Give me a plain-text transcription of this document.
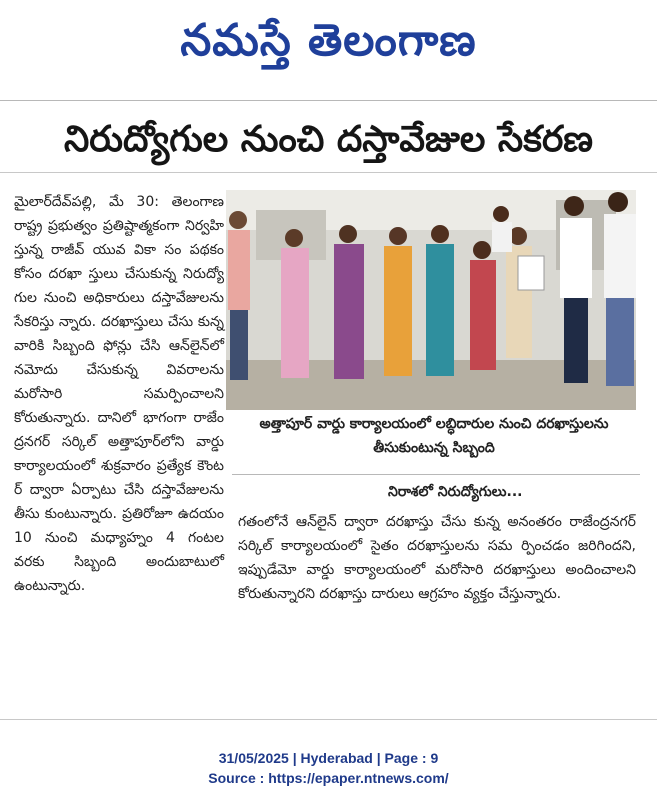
నమస్తే తెలంగాణ
నిరుద్యోగుల నుంచి దస్తావేజుల సేకరణ
మైలార్‌దేవ్‌పల్లి, మే 30: తెలంగాణ రాష్ట్ర ప్రభుత్వం ప్రతిష్టాత్మకంగా నిర్వహి స్తున్న రాజీవ్ యువ వికా సం పథకం కోసం దరఖా స్తులు చేసుకున్న నిరుద్యో గుల నుంచి అధికారులు దస్తావేజులను సేకరిస్తు న్నారు. దరఖాస్తులు చేసు కున్న వారికి సిబ్బంది ఫోన్లు చేసి ఆన్‌లైన్‌లో నమోదు చేసుకున్న వివరాలను మరోసారి సమర్పించాలని కోరుతున్నారు. దానిలో భాగంగా రాజేం ద్రనగర్ సర్కిల్ అత్తాపూర్‌లోని వార్డు కార్యాలయంలో శుక్రవారం ప్రత్యేక కౌంట ర్ ద్వారా ఏర్పాటు చేసి దస్తావేజులను తీసు కుంటున్నారు. ప్రతిరోజూ ఉదయం 10 నుంచి మధ్యాహ్నం 4 గంటల వరకు సిబ్బంది అందుబాటులో ఉంటున్నారు.
అత్తాపూర్ వార్డు కార్యాలయంలో లబ్ధిదారుల నుంచి దరఖాస్తులను తీసుకుంటున్న సిబ్బంది
నిరాశలో నిరుద్యోగులు...
గతంలోనే ఆన్‌లైన్ ద్వారా దరఖాస్తు చేసు కున్న అనంతరం రాజేంద్రనగర్ సర్కిల్ కార్యాలయంలో సైతం దరఖాస్తులను సమ ర్పించడం జరిగిందని, ఇప్పుడేమో వార్డు కార్యాలయంలో మరోసారి దరఖాస్తులు అందించాలని కోరుతున్నారని దరఖాస్తు దారులు ఆగ్రహం వ్యక్తం చేస్తున్నారు.
31/05/2025 | Hyderabad | Page : 9
Source : https://epaper.ntnews.com/
